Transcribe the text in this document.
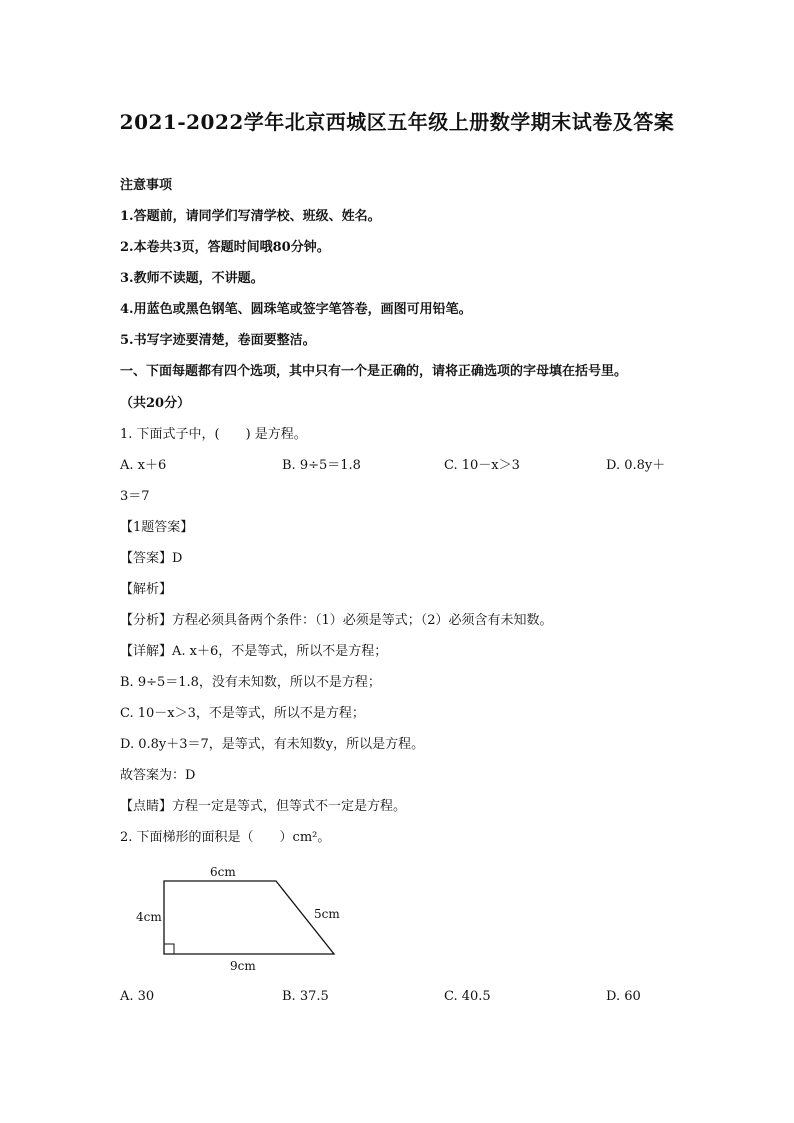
2021-2022学年北京西城区五年级上册数学期末试卷及答案
注意事项
1.答题前，请同学们写清学校、班级、姓名。
2.本卷共3页，答题时间哦80分钟。
3.教师不读题，不讲题。
4.用蓝色或黑色钢笔、圆珠笔或签字笔答卷，画图可用铅笔。
5.书写字迹要清楚，卷面要整洁。
一、下面每题都有四个选项，其中只有一个是正确的，请将正确选项的字母填在括号里。
（共20分）
1. 下面式子中，(　　) 是方程。
A. x＋6	B. 9÷5＝1.8	C. 10－x＞3	D. 0.8y＋
3＝7
【1题答案】
【答案】D
【解析】
【分析】方程必须具备两个条件：（1）必须是等式；（2）必须含有未知数。
【详解】A. x＋6，不是等式，所以不是方程；
B. 9÷5＝1.8，没有未知数，所以不是方程；
C. 10－x＞3，不是等式，所以不是方程；
D. 0.8y＋3＝7，是等式，有未知数y，所以是方程。
故答案为：D
【点睛】方程一定是等式，但等式不一定是方程。
2. 下面梯形的面积是（　　）cm²。
6cm
4cm	5cm
9cm
A. 30	B. 37.5	C. 40.5	D. 60
